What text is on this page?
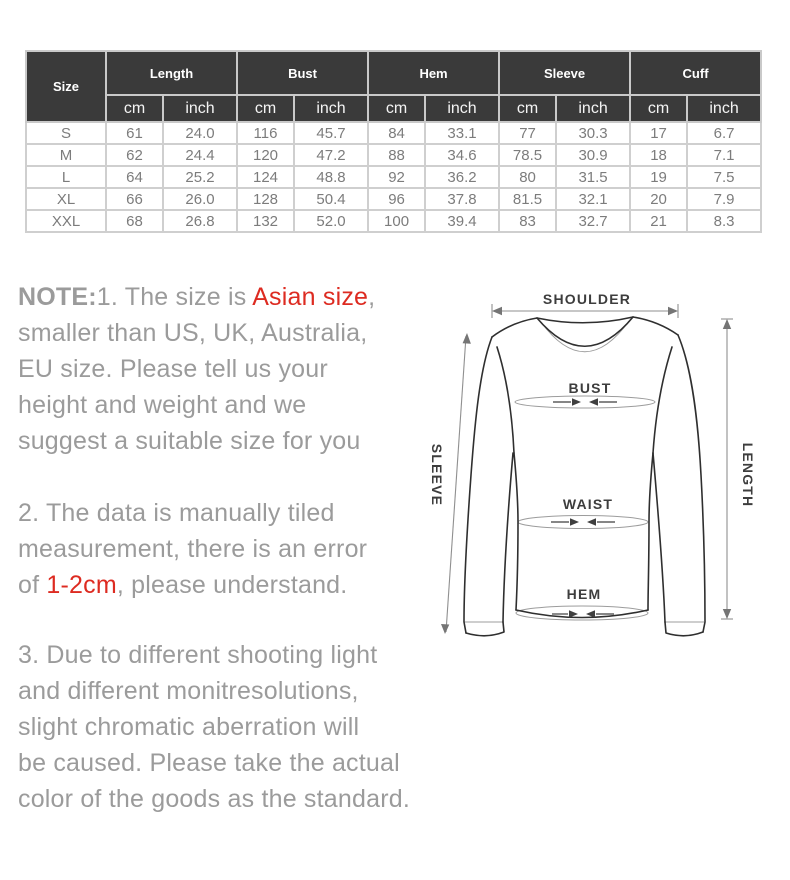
Size	Length		Bust		Hem		Sleeve		Cuff	
	cm	inch	cm	inch	cm	inch	cm	inch	cm	inch
S	61	24.0	116	45.7	84	33.1	77	30.3	17	6.7
M	62	24.4	120	47.2	88	34.6	78.5	30.9	18	7.1
L	64	25.2	124	48.8	92	36.2	80	31.5	19	7.5
XL	66	26.0	128	50.4	96	37.8	81.5	32.1	20	7.9
XXL	68	26.8	132	52.0	100	39.4	83	32.7	21	8.3
NOTE:1. The size is Asian size,
smaller than US, UK, Australia,
EU size. Please tell us your
height and weight and we
suggest a suitable size for you
2. The data is manually tiled
measurement, there is an error
of 1-2cm, please understand.
3. Due to different shooting light
and different monitresolutions,
slight chromatic aberration will
be caused. Please take the actual
color of the goods as the standard.
SHOULDER
BUST
WAIST
HEM
SLEEVE	LENGTH
